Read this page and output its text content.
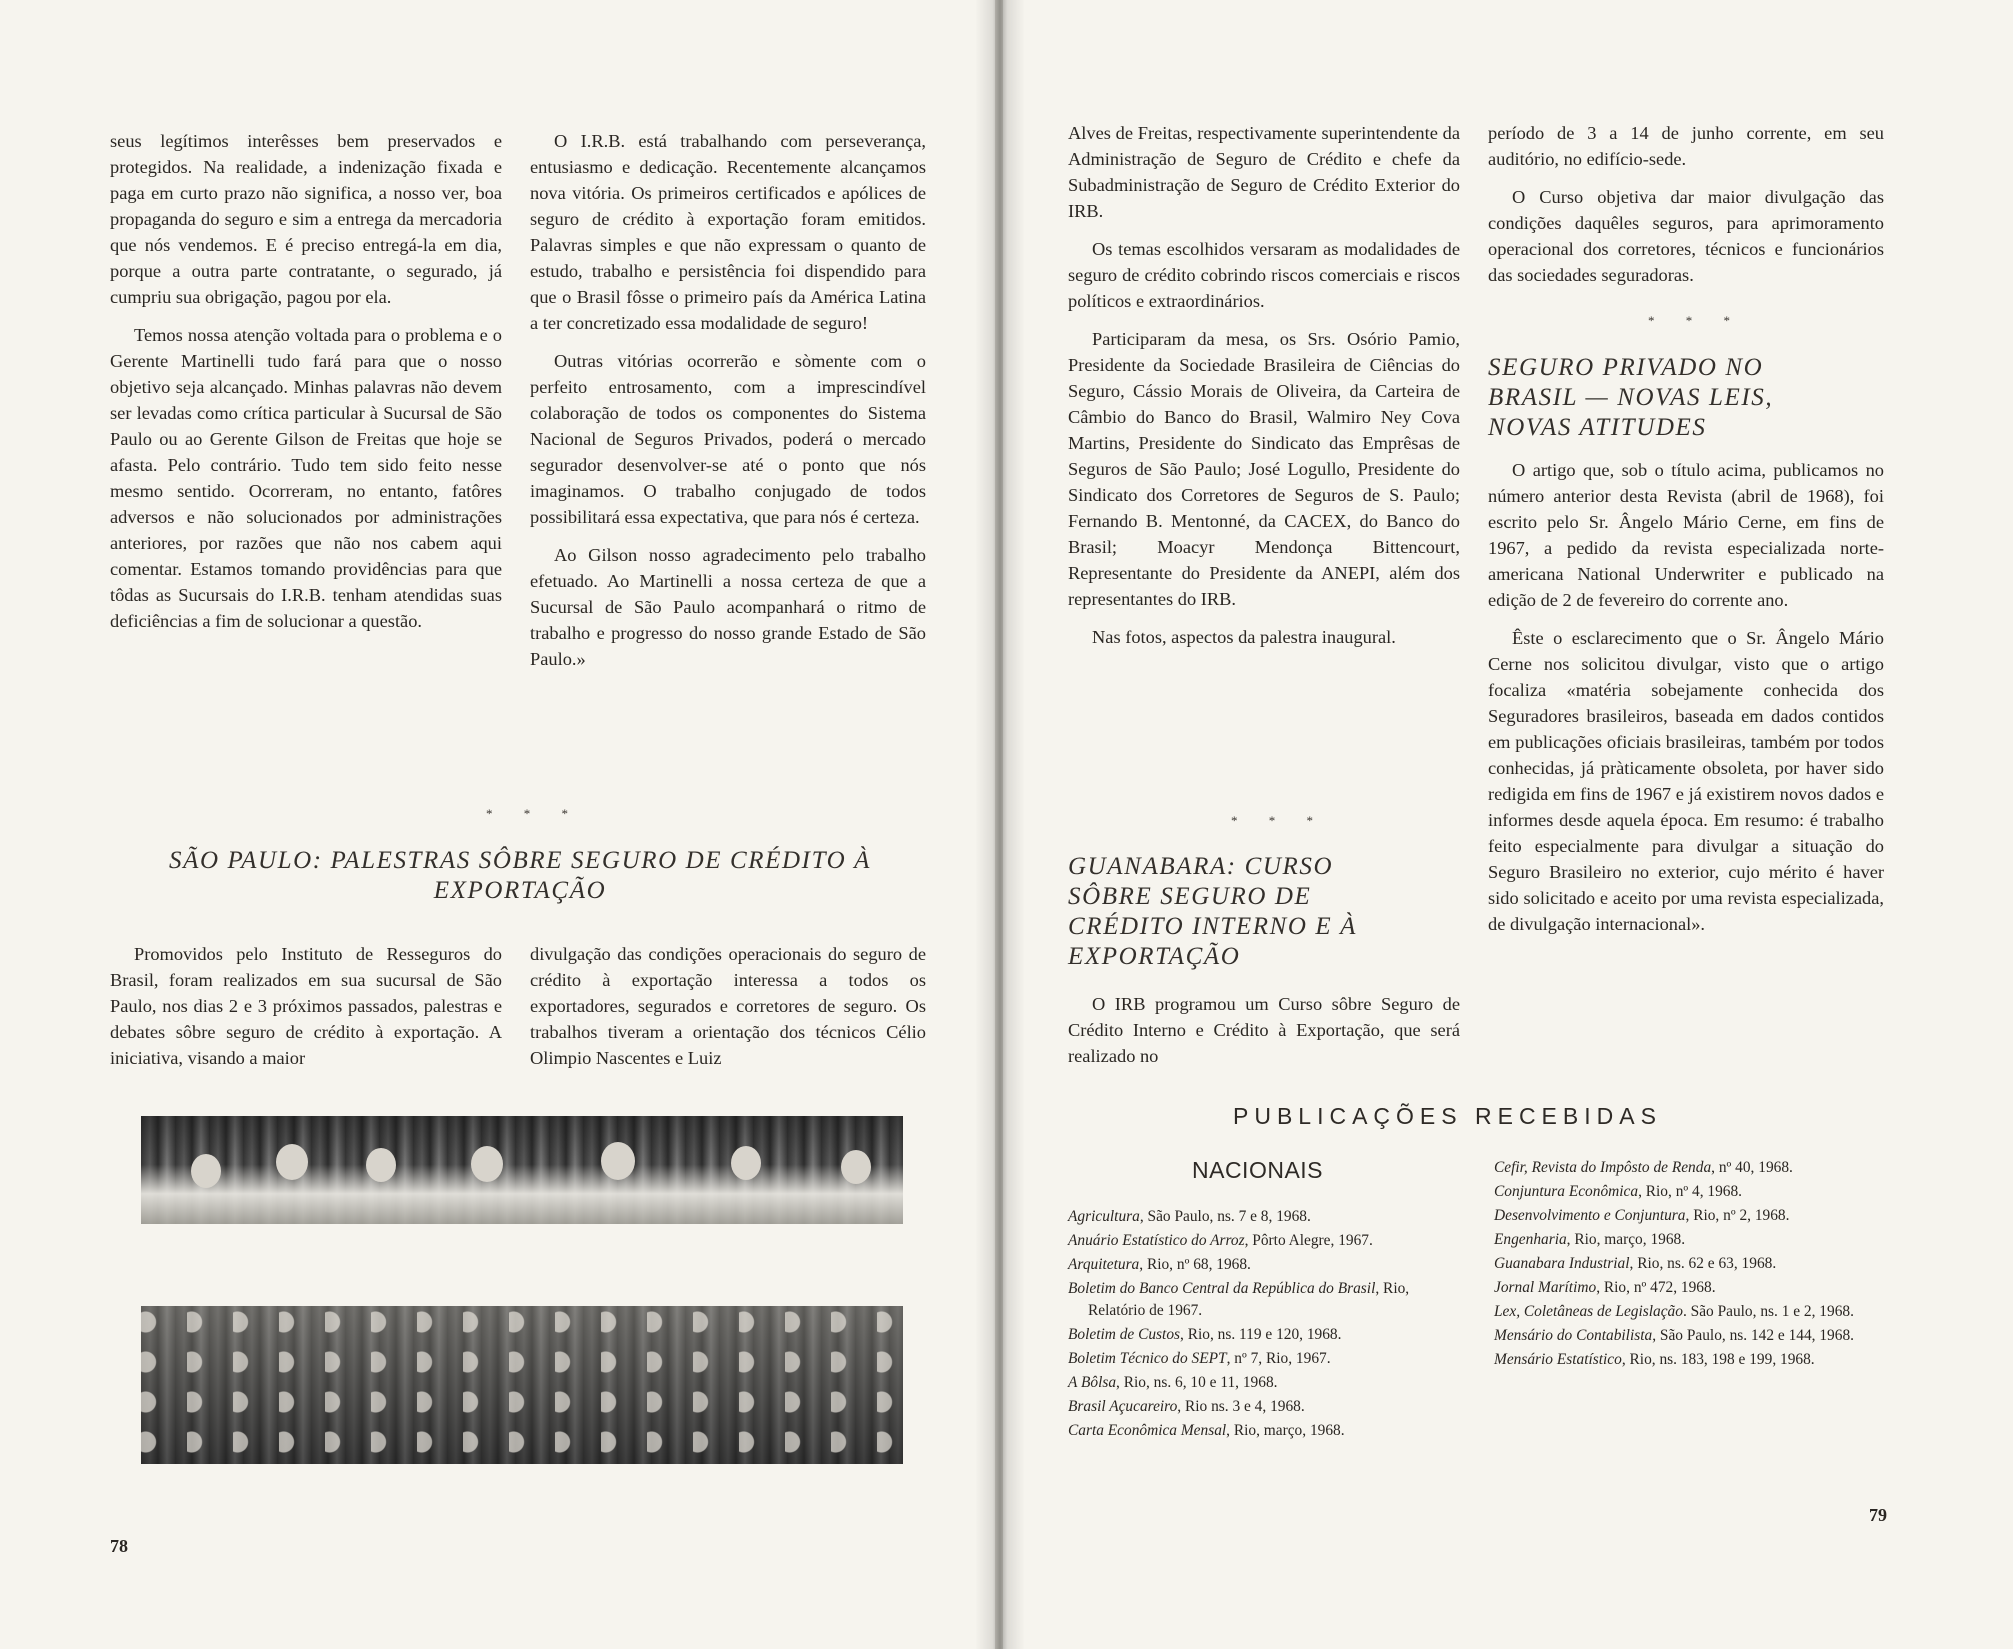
seus legítimos interêsses bem preservados e protegidos. Na realidade, a indenização fixada e paga em curto prazo não significa, a nosso ver, boa propaganda do seguro e sim a entrega da mercadoria que nós vendemos. E é preciso entregá-la em dia, porque a outra parte contratante, o segurado, já cumpriu sua obrigação, pagou por ela.

Temos nossa atenção voltada para o problema e o Gerente Martinelli tudo fará para que o nosso objetivo seja alcançado. Minhas palavras não devem ser levadas como crítica particular à Sucursal de São Paulo ou ao Gerente Gilson de Freitas que hoje se afasta. Pelo contrário. Tudo tem sido feito nesse mesmo sentido. Ocorreram, no entanto, fatôres adversos e não solucionados por administrações anteriores, por razões que não nos cabem aqui comentar. Estamos tomando providências para que tôdas as Sucursais do I.R.B. tenham atendidas suas deficiências a fim de solucionar a questão.

O I.R.B. está trabalhando com perseverança, entusiasmo e dedicação. Recentemente alcançamos nova vitória. Os primeiros certificados e apólices de seguro de crédito à exportação foram emitidos. Palavras simples e que não expressam o quanto de estudo, trabalho e persistência foi dispendido para que o Brasil fôsse o primeiro país da América Latina a ter concretizado essa modalidade de seguro!

Outras vitórias ocorrerão e sòmente com o perfeito entrosamento, com a imprescindível colaboração de todos os componentes do Sistema Nacional de Seguros Privados, poderá o mercado segurador desenvolver-se até o ponto que nós imaginamos. O trabalho conjugado de todos possibilitará essa expectativa, que para nós é certeza.

Ao Gilson nosso agradecimento pelo trabalho efetuado. Ao Martinelli a nossa certeza de que a Sucursal de São Paulo acompanhará o ritmo de trabalho e progresso do nosso grande Estado de São Paulo.»

* * *
SÃO PAULO: PALESTRAS SÔBRE SEGURO DE CRÉDITO À EXPORTAÇÃO

Promovidos pelo Instituto de Resseguros do Brasil, foram realizados em sua sucursal de São Paulo, nos dias 2 e 3 próximos passados, palestras e debates sôbre seguro de crédito à exportação. A iniciativa, visando a maior

divulgação das condições operacionais do seguro de crédito à exportação interessa a todos os exportadores, segurados e corretores de seguro. Os trabalhos tiveram a orientação dos técnicos Célio Olimpio Nascentes e Luiz

78

Alves de Freitas, respectivamente superintendente da Administração de Seguro de Crédito e chefe da Subadministração de Seguro de Crédito Exterior do IRB.

Os temas escolhidos versaram as modalidades de seguro de crédito cobrindo riscos comerciais e riscos políticos e extraordinários.

Participaram da mesa, os Srs. Osório Pamio, Presidente da Sociedade Brasileira de Ciências do Seguro, Cássio Morais de Oliveira, da Carteira de Câmbio do Banco do Brasil, Walmiro Ney Cova Martins, Presidente do Sindicato das Emprêsas de Seguros de São Paulo; José Logullo, Presidente do Sindicato dos Corretores de Seguros de S. Paulo; Fernando B. Mentonné, da CACEX, do Banco do Brasil; Moacyr Mendonça Bittencourt, Representante do Presidente da ANEPI, além dos representantes do IRB.

Nas fotos, aspectos da palestra inaugural.

* * *
GUANABARA: CURSO SÔBRE SEGURO DE CRÉDITO INTERNO E À EXPORTAÇÃO

O IRB programou um Curso sôbre Seguro de Crédito Interno e Crédito à Exportação, que será realizado no

período de 3 a 14 de junho corrente, em seu auditório, no edifício-sede.

O Curso objetiva dar maior divulgação das condições daquêles seguros, para aprimoramento operacional dos corretores, técnicos e funcionários das sociedades seguradoras.

* * *
SEGURO PRIVADO NO BRASIL — NOVAS LEIS, NOVAS ATITUDES

O artigo que, sob o título acima, publicamos no número anterior desta Revista (abril de 1968), foi escrito pelo Sr. Ângelo Mário Cerne, em fins de 1967, a pedido da revista especializada norte-americana National Underwriter e publicado na edição de 2 de fevereiro do corrente ano.

Êste o esclarecimento que o Sr. Ângelo Mário Cerne nos solicitou divulgar, visto que o artigo focaliza «matéria sobejamente conhecida dos Seguradores brasileiros, baseada em dados contidos em publicações oficiais brasileiras, também por todos conhecidas, já pràticamente obsoleta, por haver sido redigida em fins de 1967 e já existirem novos dados e informes desde aquela época. Em resumo: é trabalho feito especialmente para divulgar a situação do Seguro Brasileiro no exterior, cujo mérito é haver sido solicitado e aceito por uma revista especializada, de divulgação internacional».

79
PUBLICAÇÕES RECEBIDAS
NACIONAIS
Agricultura, São Paulo, ns. 7 e 8, 1968.
Anuário Estatístico do Arroz, Pôrto Alegre, 1967.
Arquitetura, Rio, nº 68, 1968.
Boletim do Banco Central da República do Brasil, Rio, Relatório de 1967.
Boletim de Custos, Rio, ns. 119 e 120, 1968.
Boletim Técnico do SEPT, nº 7, Rio, 1967.
A Bôlsa, Rio, ns. 6, 10 e 11, 1968.
Brasil Açucareiro, Rio ns. 3 e 4, 1968.
Carta Econômica Mensal, Rio, março, 1968.
Cefir, Revista do Impôsto de Renda, nº 40, 1968.
Conjuntura Econômica, Rio, nº 4, 1968.
Desenvolvimento e Conjuntura, Rio, nº 2, 1968.
Engenharia, Rio, março, 1968.
Guanabara Industrial, Rio, ns. 62 e 63, 1968.
Jornal Marítimo, Rio, nº 472, 1968.
Lex, Coletâneas de Legislação. São Paulo, ns. 1 e 2, 1968.
Mensário do Contabilista, São Paulo, ns. 142 e 144, 1968.
Mensário Estatístico, Rio, ns. 183, 198 e 199, 1968.
